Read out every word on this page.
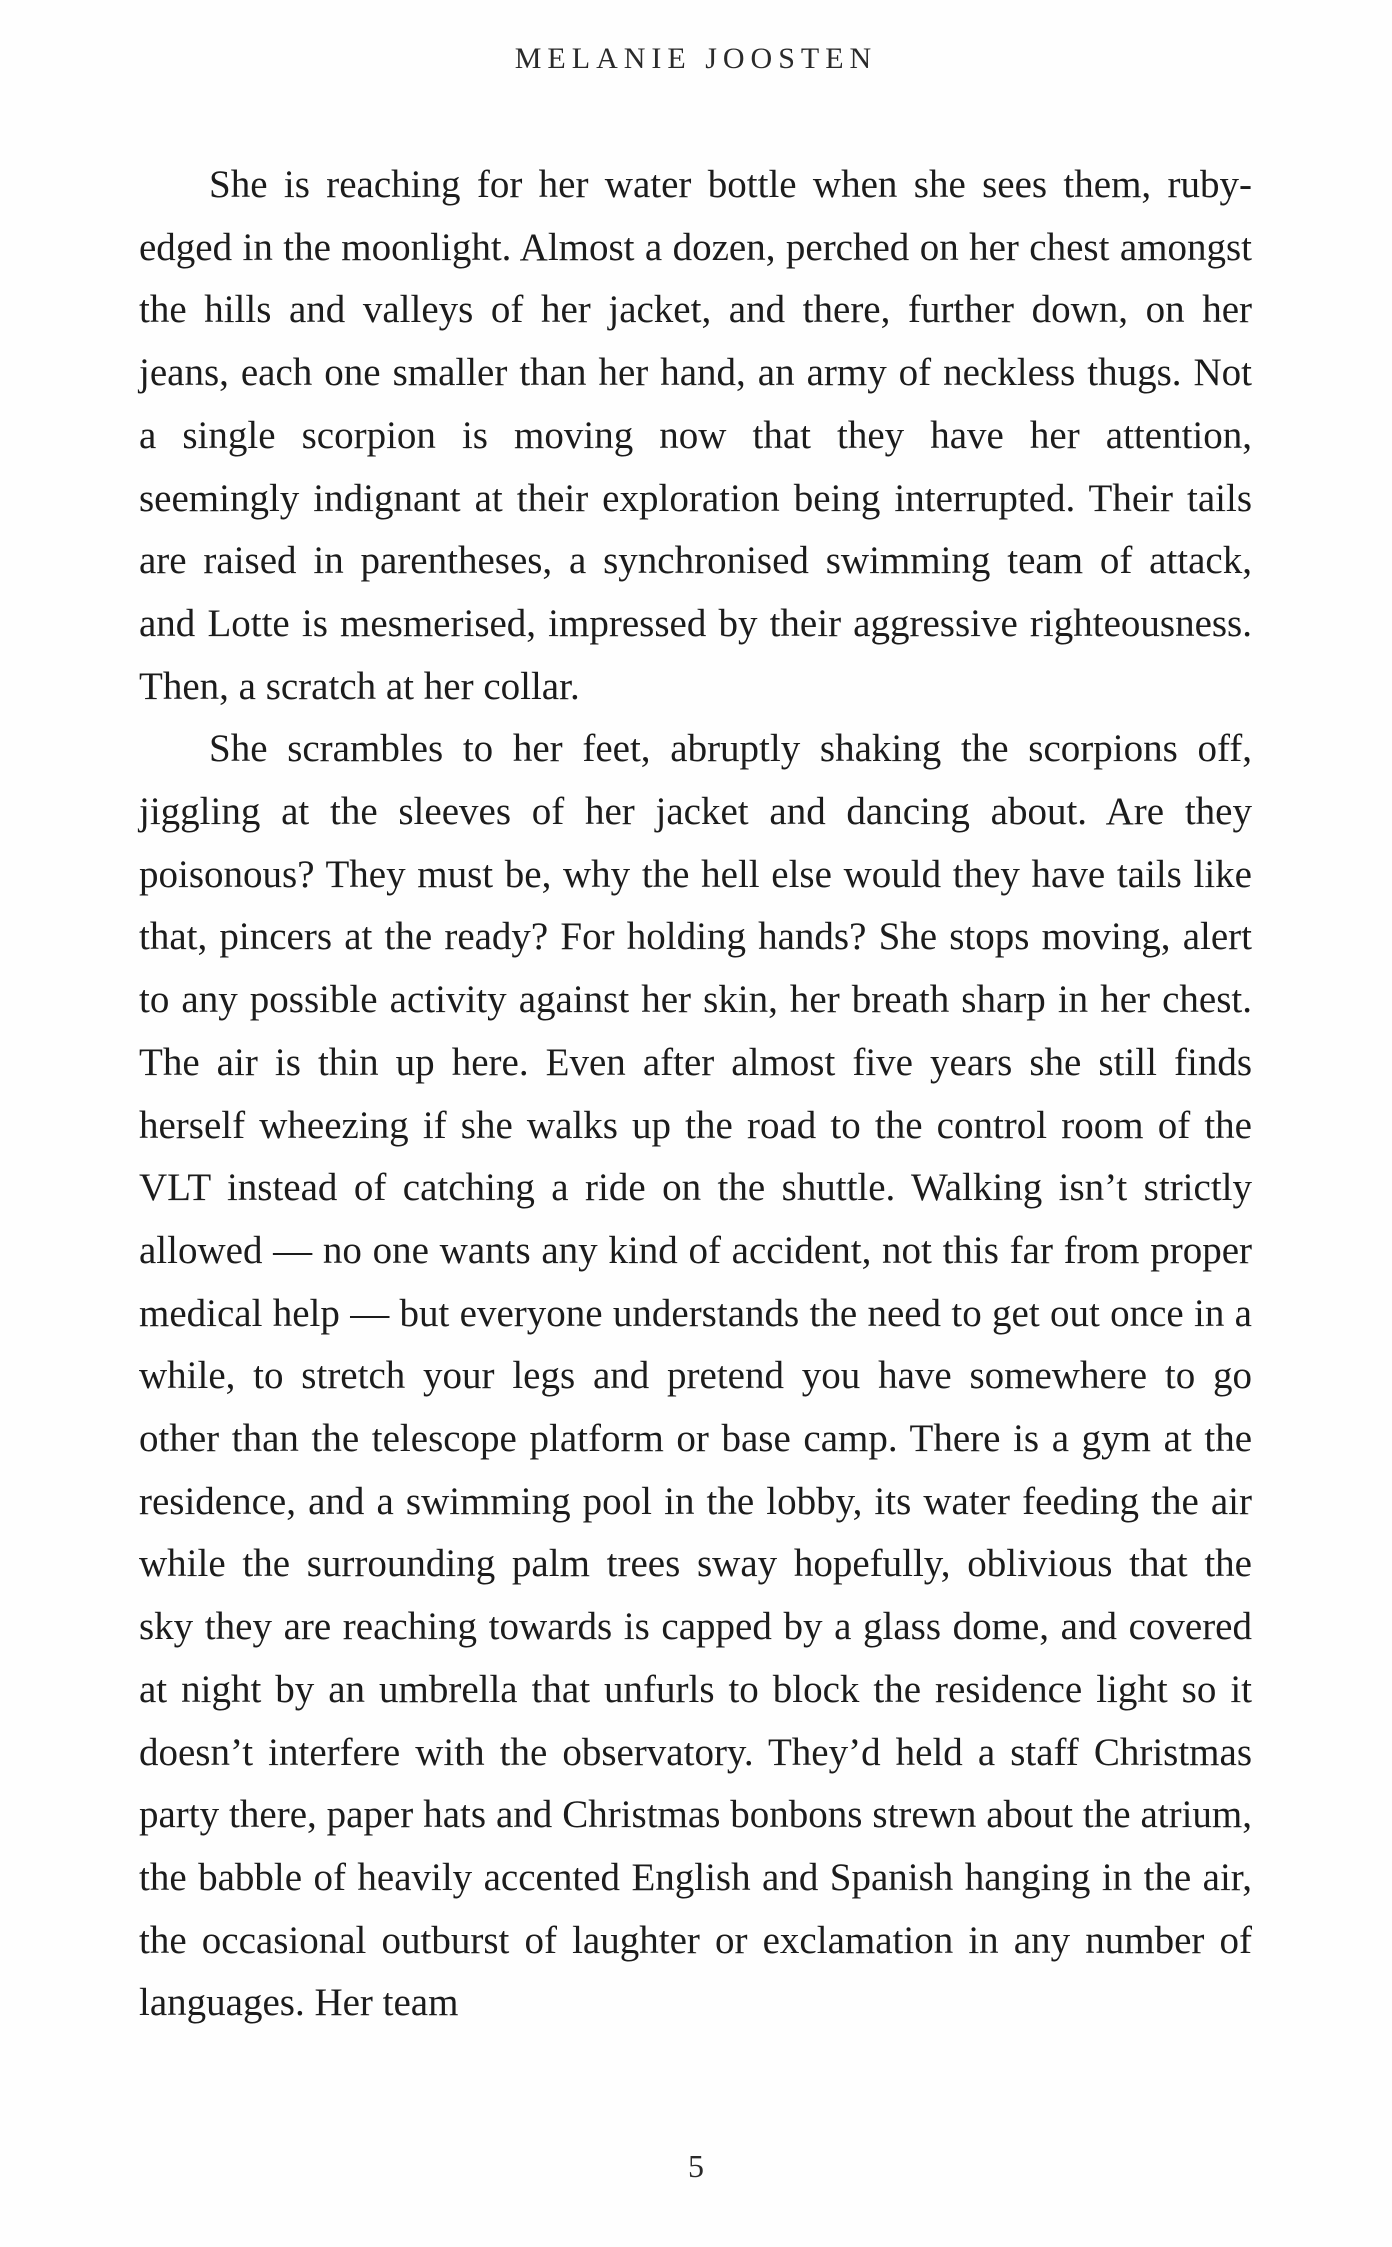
MELANIE JOOSTEN

She is reaching for her water bottle when she sees them, ruby-edged in the moonlight. Almost a dozen, perched on her chest amongst the hills and valleys of her jacket, and there, further down, on her jeans, each one smaller than her hand, an army of neckless thugs. Not a single scorpion is moving now that they have her attention, seemingly indignant at their exploration being interrupted. Their tails are raised in parentheses, a synchronised swimming team of attack, and Lotte is mesmerised, impressed by their aggressive righteousness. Then, a scratch at her collar.

She scrambles to her feet, abruptly shaking the scorpions off, jiggling at the sleeves of her jacket and dancing about. Are they poisonous? They must be, why the hell else would they have tails like that, pincers at the ready? For holding hands? She stops moving, alert to any possible activity against her skin, her breath sharp in her chest. The air is thin up here. Even after almost five years she still finds herself wheezing if she walks up the road to the control room of the VLT instead of catching a ride on the shuttle. Walking isn’t strictly allowed — no one wants any kind of accident, not this far from proper medical help — but everyone understands the need to get out once in a while, to stretch your legs and pretend you have somewhere to go other than the telescope platform or base camp. There is a gym at the residence, and a swimming pool in the lobby, its water feeding the air while the surrounding palm trees sway hopefully, oblivious that the sky they are reaching towards is capped by a glass dome, and covered at night by an umbrella that unfurls to block the residence light so it doesn’t interfere with the observatory. They’d held a staff Christmas party there, paper hats and Christmas bonbons strewn about the atrium, the babble of heavily accented English and Spanish hanging in the air, the occasional outburst of laughter or exclamation in any number of languages. Her team

5
